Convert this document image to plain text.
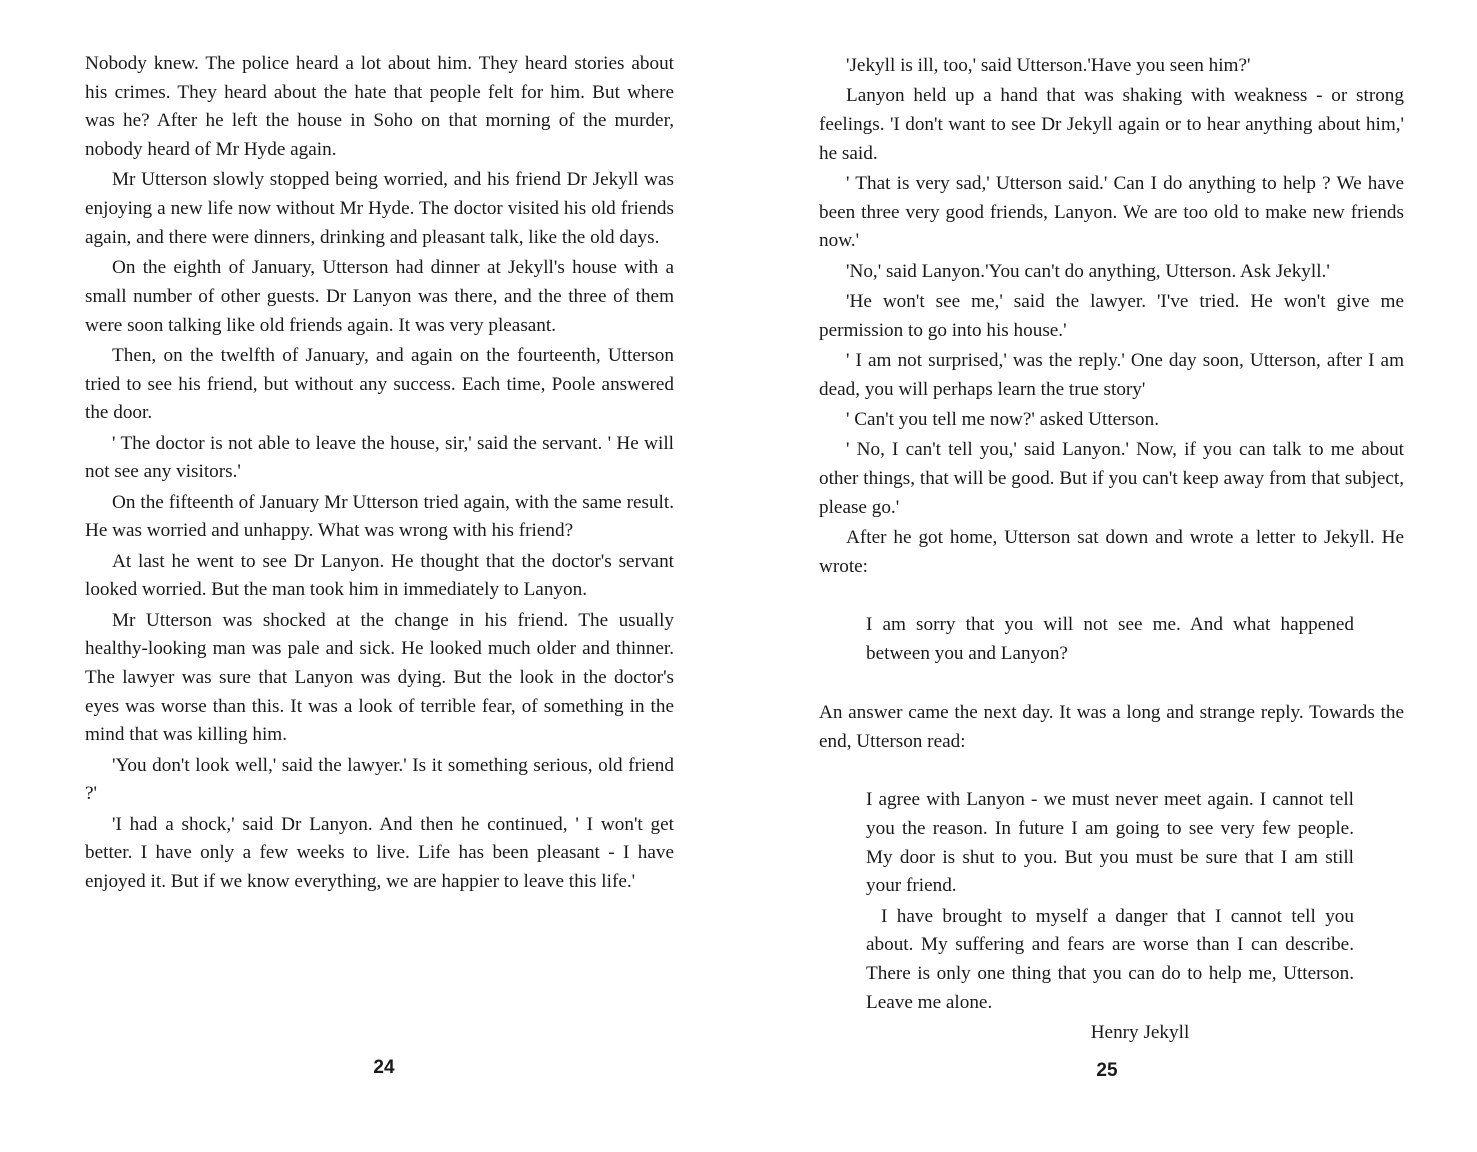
Nobody knew. The police heard a lot about him. They heard stories about his crimes. They heard about the hate that people felt for him. But where was he? After he left the house in Soho on that morning of the murder, nobody heard of Mr Hyde again.

Mr Utterson slowly stopped being worried, and his friend Dr Jekyll was enjoying a new life now without Mr Hyde. The doctor visited his old friends again, and there were dinners, drinking and pleasant talk, like the old days.

On the eighth of January, Utterson had dinner at Jekyll's house with a small number of other guests. Dr Lanyon was there, and the three of them were soon talking like old friends again. It was very pleasant.

Then, on the twelfth of January, and again on the fourteenth, Utterson tried to see his friend, but without any success. Each time, Poole answered the door.

' The doctor is not able to leave the house, sir,' said the servant. ' He will not see any visitors.'

On the fifteenth of January Mr Utterson tried again, with the same result. He was worried and unhappy. What was wrong with his friend?

At last he went to see Dr Lanyon. He thought that the doctor's servant looked worried. But the man took him in immediately to Lanyon.

Mr Utterson was shocked at the change in his friend. The usually healthy-looking man was pale and sick. He looked much older and thinner. The lawyer was sure that Lanyon was dying. But the look in the doctor's eyes was worse than this. It was a look of terrible fear, of something in the mind that was killing him.

'You don't look well,' said the lawyer.' Is it something serious, old friend ?'

'I had a shock,' said Dr Lanyon. And then he continued, ' I won't get better. I have only a few weeks to live. Life has been pleasant - I have enjoyed it. But if we know everything, we are happier to leave this life.'

24

'Jekyll is ill, too,' said Utterson.'Have you seen him?'

Lanyon held up a hand that was shaking with weakness - or strong feelings. 'I don't want to see Dr Jekyll again or to hear anything about him,' he said.

' That is very sad,' Utterson said.' Can I do anything to help ? We have been three very good friends, Lanyon. We are too old to make new friends now.'

'No,' said Lanyon.'You can't do anything, Utterson. Ask Jekyll.'

'He won't see me,' said the lawyer. 'I've tried. He won't give me permission to go into his house.'

' I am not surprised,' was the reply.' One day soon, Utterson, after I am dead, you will perhaps learn the true story'

' Can't you tell me now?' asked Utterson.

' No, I can't tell you,' said Lanyon.' Now, if you can talk to me about other things, that will be good. But if you can't keep away from that subject, please go.'

After he got home, Utterson sat down and wrote a letter to Jekyll. He wrote:

I am sorry that you will not see me. And what happened between you and Lanyon?

An answer came the next day. It was a long and strange reply. Towards the end, Utterson read:

I agree with Lanyon - we must never meet again. I cannot tell you the reason. In future I am going to see very few people. My door is shut to you. But you must be sure that I am still your friend.

I have brought to myself a danger that I cannot tell you about. My suffering and fears are worse than I can describe. There is only one thing that you can do to help me, Utterson. Leave me alone.

Henry Jekyll

25
